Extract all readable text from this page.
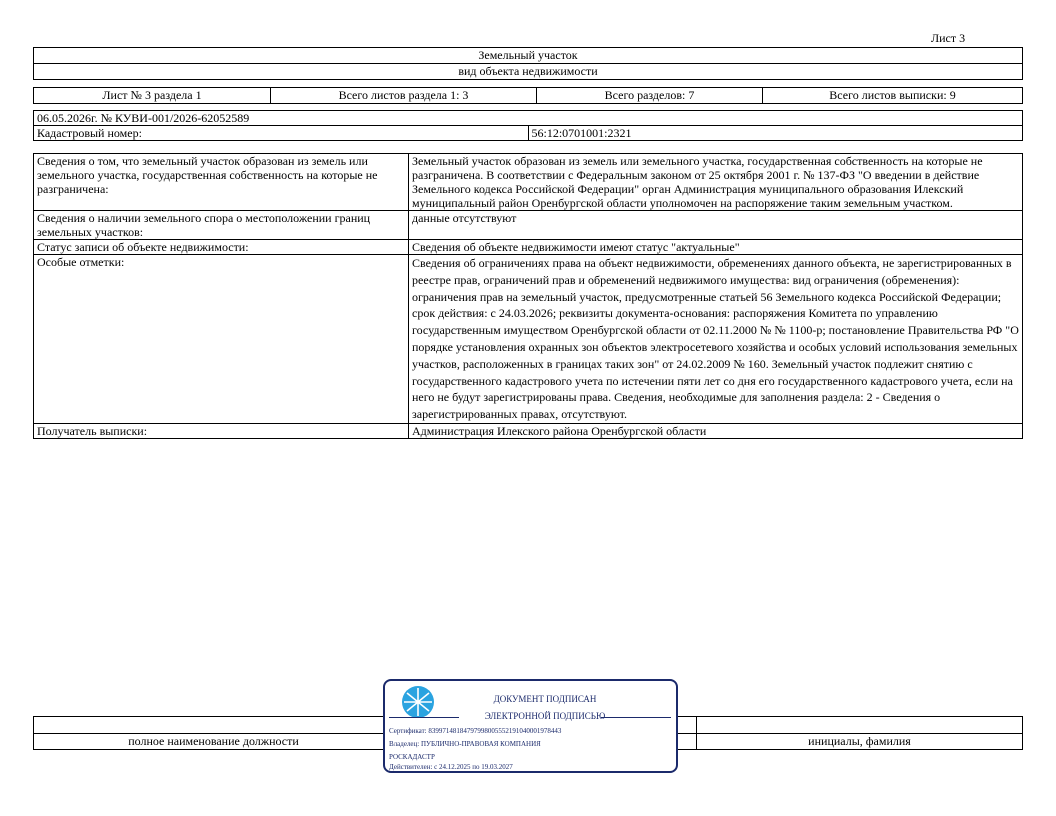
Лист 3
Земельный участок
вид объекта недвижимости
Лист № 3 раздела 1	Всего листов раздела 1: 3	Всего разделов: 7	Всего листов выписки: 9
06.05.2026г. № КУВИ-001/2026-62052589
Кадастровый номер:	56:12:0701001:2321
Сведения о том, что земельный участок образован из земель или земельного участка, государственная собственность на которые не разграничена:	Земельный участок образован из земель или земельного участка, государственная собственность на которые не разграничена. В соответствии с Федеральным законом от 25 октября 2001 г. № 137-ФЗ "О введении в действие Земельного кодекса Российской Федерации" орган Администрация муниципального образования Илекский муниципальный район Оренбургской области уполномочен на распоряжение таким земельным участком.
Сведения о наличии земельного спора о местоположении границ земельных участков:	данные отсутствуют
Статус записи об объекте недвижимости:	Сведения об объекте недвижимости имеют статус "актуальные"
Особые отметки:	Сведения об ограничениях права на объект недвижимости, обременениях данного объекта, не зарегистрированных в реестре прав, ограничений прав и обременений недвижимого имущества: вид ограничения (обременения): ограничения прав на земельный участок, предусмотренные статьей 56 Земельного кодекса Российской Федерации; срок действия: с 24.03.2026; реквизиты документа-основания: распоряжения Комитета по управлению государственным имуществом Оренбургской области от 02.11.2000 № № 1100-р; постановление Правительства РФ "О порядке установления охранных зон объектов электросетевого хозяйства и особых условий использования земельных участков, расположенных в границах таких зон" от 24.02.2009 № 160. Земельный участок подлежит снятию с государственного кадастрового учета по истечении пяти лет со дня его государственного кадастрового учета, если на него не будут зарегистрированы права. Сведения, необходимые для заполнения раздела: 2 - Сведения о зарегистрированных правах, отсутствуют.
Получатель выписки:	Администрация Илекского района Оренбургской области

полное наименование должности		инициалы, фамилия
ДОКУМЕНТ ПОДПИСАН
ЭЛЕКТРОННОЙ ПОДПИСЬЮ
Сертификат: 83997148184797998005552191040001978443
Владелец: ПУБЛИЧНО-ПРАВОВАЯ КОМПАНИЯ
РОСКАДАСТР
Действителен: с 24.12.2025 по 19.03.2027
